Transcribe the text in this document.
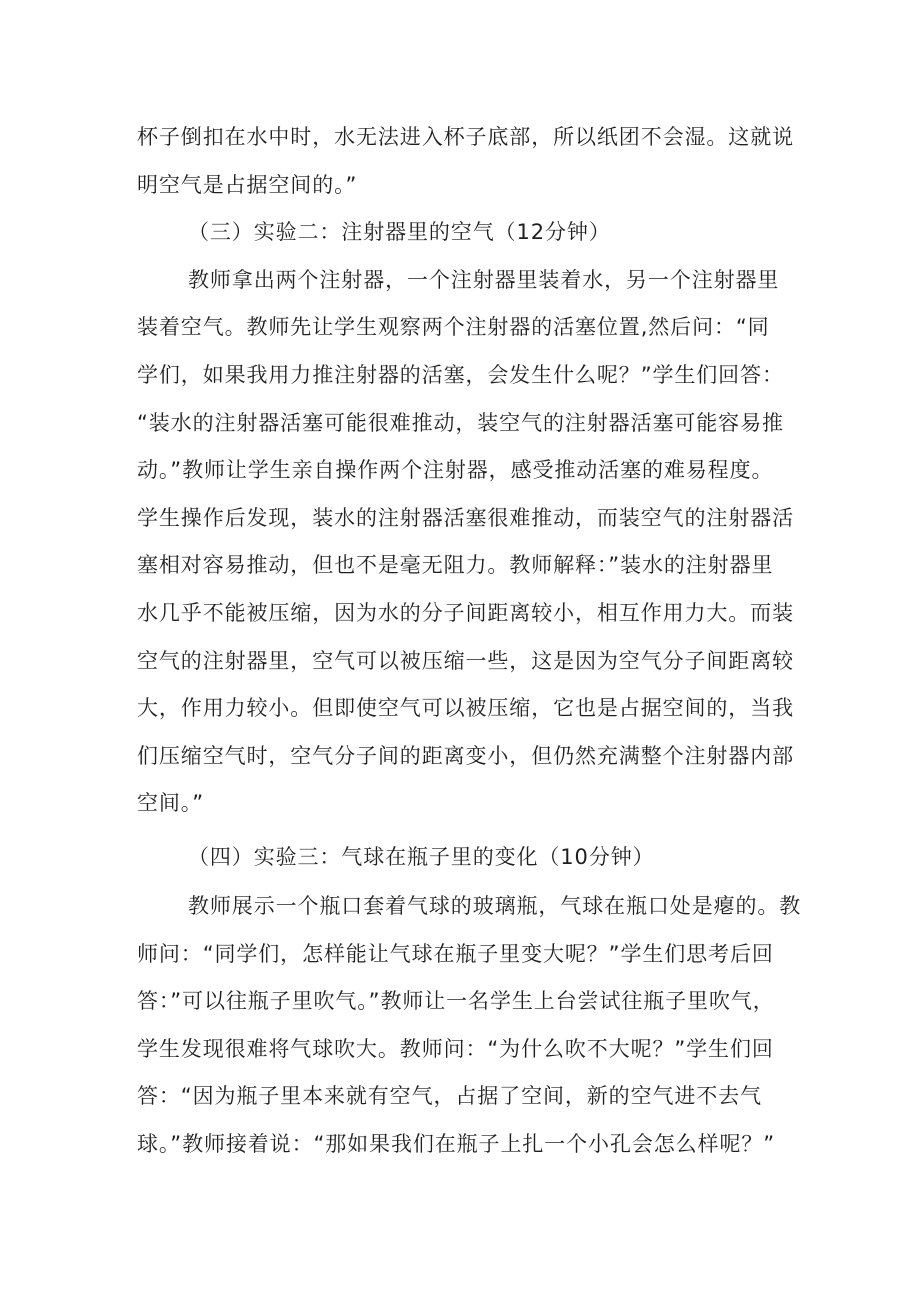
杯子倒扣在水中时，水无法进入杯子底部，所以纸团不会湿。这就说

明空气是占据空间的。”

（三）实验二：注射器里的空气（12分钟）

教师拿出两个注射器，一个注射器里装着水，另一个注射器里

装着空气。教师先让学生观察两个注射器的活塞位置,然后问：“同

学们，如果我用力推注射器的活塞，会发生什么呢？”学生们回答：

“装水的注射器活塞可能很难推动，装空气的注射器活塞可能容易推

动。”教师让学生亲自操作两个注射器，感受推动活塞的难易程度。

学生操作后发现，装水的注射器活塞很难推动，而装空气的注射器活

塞相对容易推动，但也不是毫无阻力。教师解释：”装水的注射器里

水几乎不能被压缩，因为水的分子间距离较小，相互作用力大。而装

空气的注射器里，空气可以被压缩一些，这是因为空气分子间距离较

大，作用力较小。但即使空气可以被压缩，它也是占据空间的，当我

们压缩空气时，空气分子间的距离变小，但仍然充满整个注射器内部

空间。”

（四）实验三：气球在瓶子里的变化（10分钟）

教师展示一个瓶口套着气球的玻璃瓶，气球在瓶口处是瘪的。教

师问：“同学们，怎样能让气球在瓶子里变大呢？”学生们思考后回

答：”可以往瓶子里吹气。”教师让一名学生上台尝试往瓶子里吹气，

学生发现很难将气球吹大。教师问：“为什么吹不大呢？”学生们回

答：“因为瓶子里本来就有空气，占据了空间，新的空气进不去气

球。”教师接着说：“那如果我们在瓶子上扎一个小孔会怎么样呢？”
